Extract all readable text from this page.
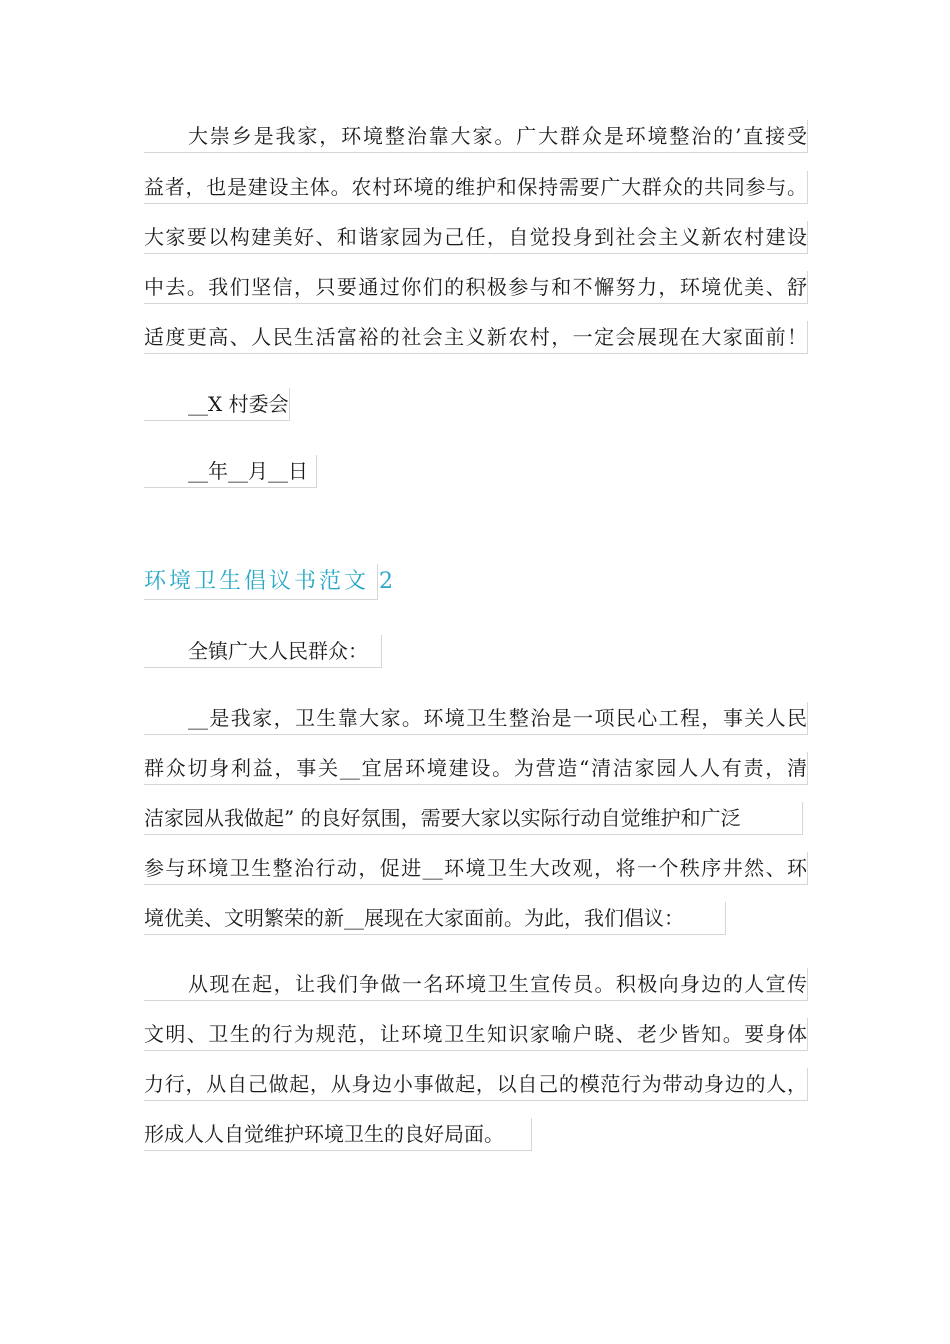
大崇乡是我家，环境整治靠大家。广大群众是环境整治的’直接受
益者，也是建设主体。农村环境的维护和保持需要广大群众的共同参与。
大家要以构建美好、和谐家园为己任，自觉投身到社会主义新农村建设
中去。我们坚信，只要通过你们的积极参与和不懈努力，环境优美、舒
适度更高、人民生活富裕的社会主义新农村，一定会展现在大家面前！
__X 村委会
__年__月__日
环境卫生倡议书范文 2
全镇广大人民群众：
__是我家，卫生靠大家。环境卫生整治是一项民心工程，事关人民
群众切身利益，事关__宜居环境建设。为营造“清洁家园人人有责，清
洁家园从我做起” 的良好氛围，需要大家以实际行动自觉维护和广泛
参与环境卫生整治行动，促进__环境卫生大改观，将一个秩序井然、环
境优美、文明繁荣的新__展现在大家面前。为此，我们倡议：
从现在起，让我们争做一名环境卫生宣传员。积极向身边的人宣传
文明、卫生的行为规范，让环境卫生知识家喻户晓、老少皆知。要身体
力行，从自己做起，从身边小事做起，以自己的模范行为带动身边的人，
形成人人自觉维护环境卫生的良好局面。
